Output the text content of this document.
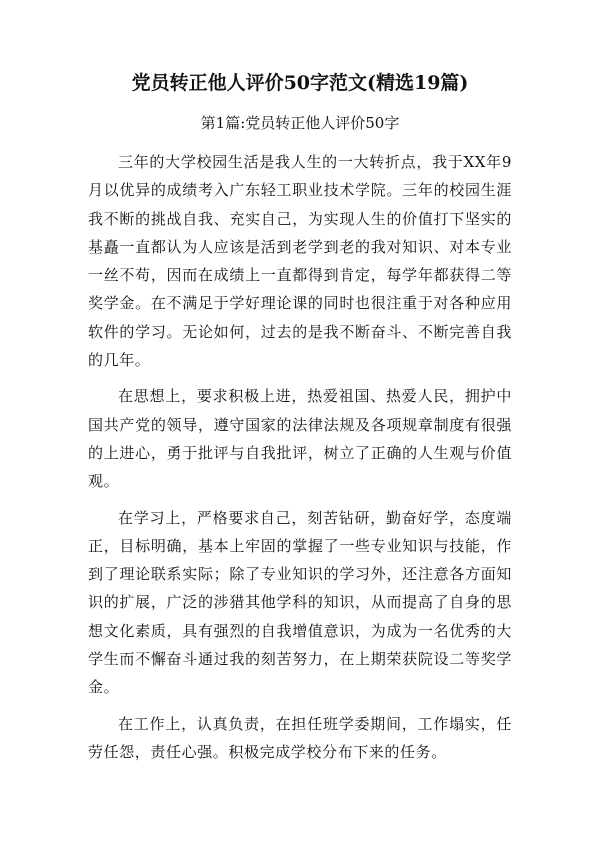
党员转正他人评价50字范文(精选19篇)
第1篇:党员转正他人评价50字

三年的大学校园生活是我人生的一大转折点，我于XX年9月以优异的成绩考入广东轻工职业技术学院。三年的校园生涯我不断的挑战自我、充实自己，为实现人生的价值打下坚实的基矗一直都认为人应该是活到老学到老的我对知识、对本专业一丝不苟，因而在成绩上一直都得到肯定，每学年都获得二等奖学金。在不满足于学好理论课的同时也很注重于对各种应用软件的学习。无论如何，过去的是我不断奋斗、不断完善自我的几年。

在思想上，要求积极上进，热爱祖国、热爱人民，拥护中国共产党的领导，遵守国家的法律法规及各项规章制度有很强的上进心，勇于批评与自我批评，树立了正确的人生观与价值观。

在学习上，严格要求自己，刻苦钻研，勤奋好学，态度端正，目标明确，基本上牢固的掌握了一些专业知识与技能，作到了理论联系实际；除了专业知识的学习外，还注意各方面知识的扩展，广泛的涉猎其他学科的知识，从而提高了自身的思想文化素质，具有强烈的自我增值意识，为成为一名优秀的大学生而不懈奋斗通过我的刻苦努力，在上期荣获院设二等奖学金。

在工作上，认真负责，在担任班学委期间，工作塌实，任劳任怨，责任心强。积极完成学校分布下来的任务。
